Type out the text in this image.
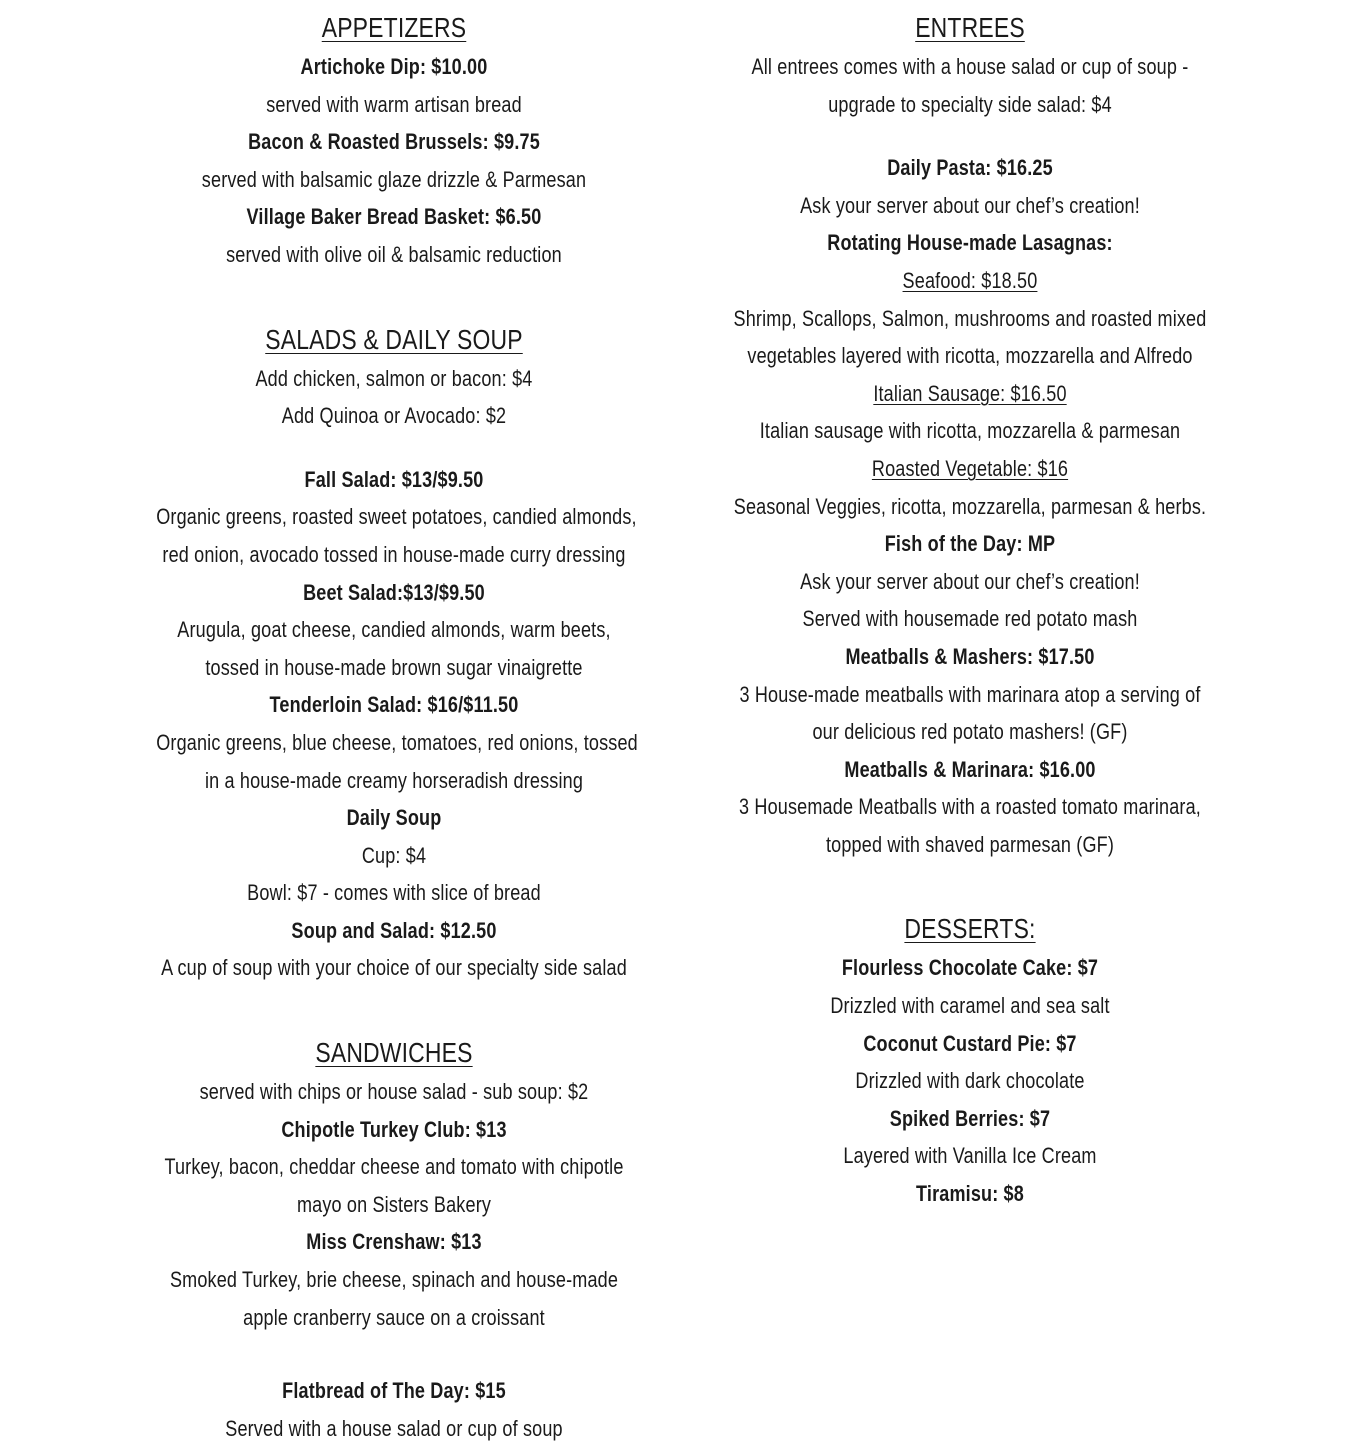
APPETIZERS
Artichoke Dip: $10.00
served with warm artisan bread
Bacon & Roasted Brussels: $9.75
served with balsamic glaze drizzle & Parmesan
Village Baker Bread Basket: $6.50
served with olive oil & balsamic reduction
SALADS & DAILY SOUP
Add chicken, salmon or bacon: $4
Add Quinoa or Avocado: $2
Fall Salad: $13/$9.50
Organic greens, roasted sweet potatoes, candied almonds,
red onion, avocado tossed in house-made curry dressing
Beet Salad:$13/$9.50
Arugula, goat cheese, candied almonds, warm beets,
tossed in house-made brown sugar vinaigrette
Tenderloin Salad: $16/$11.50
Organic greens, blue cheese, tomatoes, red onions, tossed
in a house-made creamy horseradish dressing
Daily Soup
Cup: $4
Bowl: $7 - comes with slice of bread
Soup and Salad: $12.50
A cup of soup with your choice of our specialty side salad
SANDWICHES
served with chips or house salad - sub soup: $2
Chipotle Turkey Club: $13
Turkey, bacon, cheddar cheese and tomato with chipotle
mayo on Sisters Bakery
Miss Crenshaw: $13
Smoked Turkey, brie cheese, spinach and house-made
apple cranberry sauce on a croissant
Flatbread of The Day: $15
Served with a house salad or cup of soup
ENTREES
All entrees comes with a house salad or cup of soup -
upgrade to specialty side salad: $4
Daily Pasta: $16.25
Ask your server about our chef’s creation!
Rotating House-made Lasagnas:
Seafood: $18.50
Shrimp, Scallops, Salmon, mushrooms and roasted mixed
vegetables layered with ricotta, mozzarella and Alfredo
Italian Sausage: $16.50
Italian sausage with ricotta, mozzarella & parmesan
Roasted Vegetable: $16
Seasonal Veggies, ricotta, mozzarella, parmesan & herbs.
Fish of the Day: MP
Ask your server about our chef’s creation!
Served with housemade red potato mash
Meatballs & Mashers: $17.50
3 House-made meatballs with marinara atop a serving of
our delicious red potato mashers! (GF)
Meatballs & Marinara: $16.00
3 Housemade Meatballs with a roasted tomato marinara,
topped with shaved parmesan (GF)
DESSERTS:
Flourless Chocolate Cake: $7
Drizzled with caramel and sea salt
Coconut Custard Pie: $7
Drizzled with dark chocolate
Spiked Berries: $7
Layered with Vanilla Ice Cream
Tiramisu: $8
